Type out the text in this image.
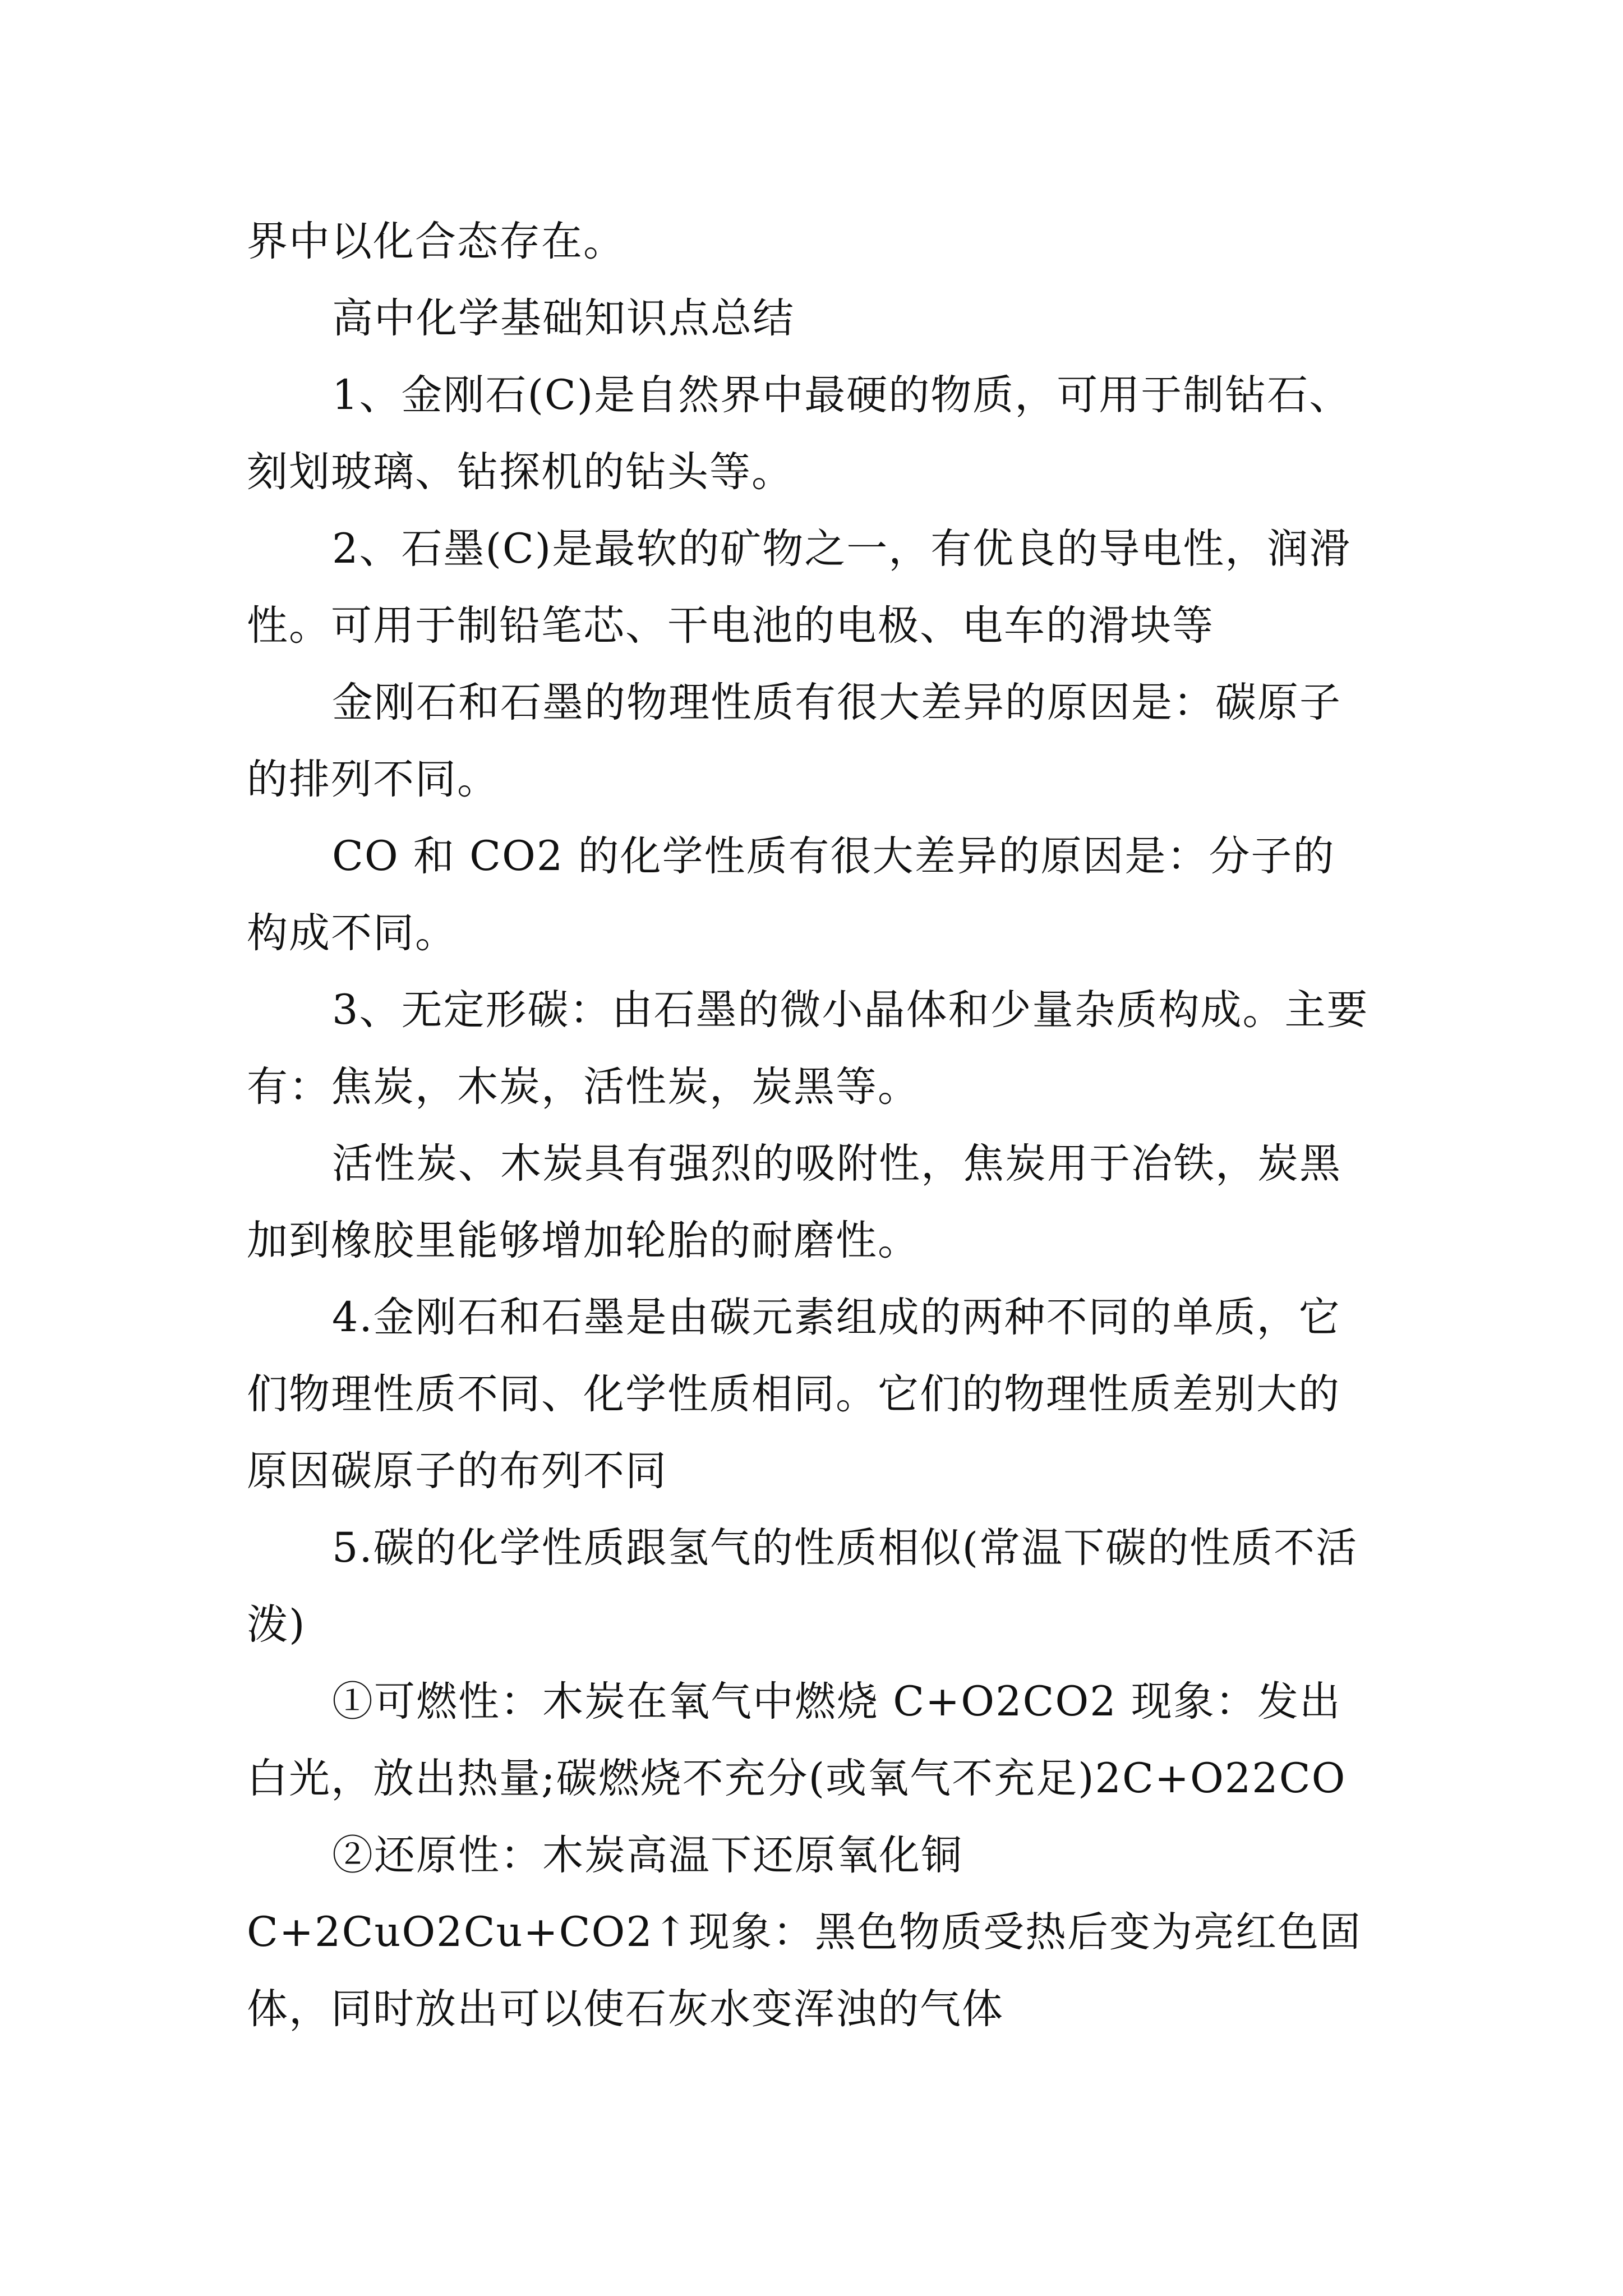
界中以化合态存在。

高中化学基础知识点总结

1、金刚石(C)是自然界中最硬的物质，可用于制钻石、刻划玻璃、钻探机的钻头等。

2、石墨(C)是最软的矿物之一，有优良的导电性，润滑性。可用于制铅笔芯、干电池的电极、电车的滑块等

金刚石和石墨的物理性质有很大差异的原因是：碳原子的排列不同。

CO 和 CO2 的化学性质有很大差异的原因是：分子的构成不同。

3、无定形碳：由石墨的微小晶体和少量杂质构成。主要有：焦炭，木炭，活性炭，炭黑等。

活性炭、木炭具有强烈的吸附性，焦炭用于冶铁，炭黑加到橡胶里能够增加轮胎的耐磨性。

4.金刚石和石墨是由碳元素组成的两种不同的单质，它们物理性质不同、化学性质相同。它们的物理性质差别大的原因碳原子的布列不同

5.碳的化学性质跟氢气的性质相似(常温下碳的性质不活泼)

①可燃性：木炭在氧气中燃烧 C+O2CO2 现象：发出白光，放出热量;碳燃烧不充分(或氧气不充足)2C+O22CO

②还原性：木炭高温下还原氧化铜 C+2CuO2Cu+CO2↑现象：黑色物质受热后变为亮红色固体，同时放出可以使石灰水变浑浊的气体
